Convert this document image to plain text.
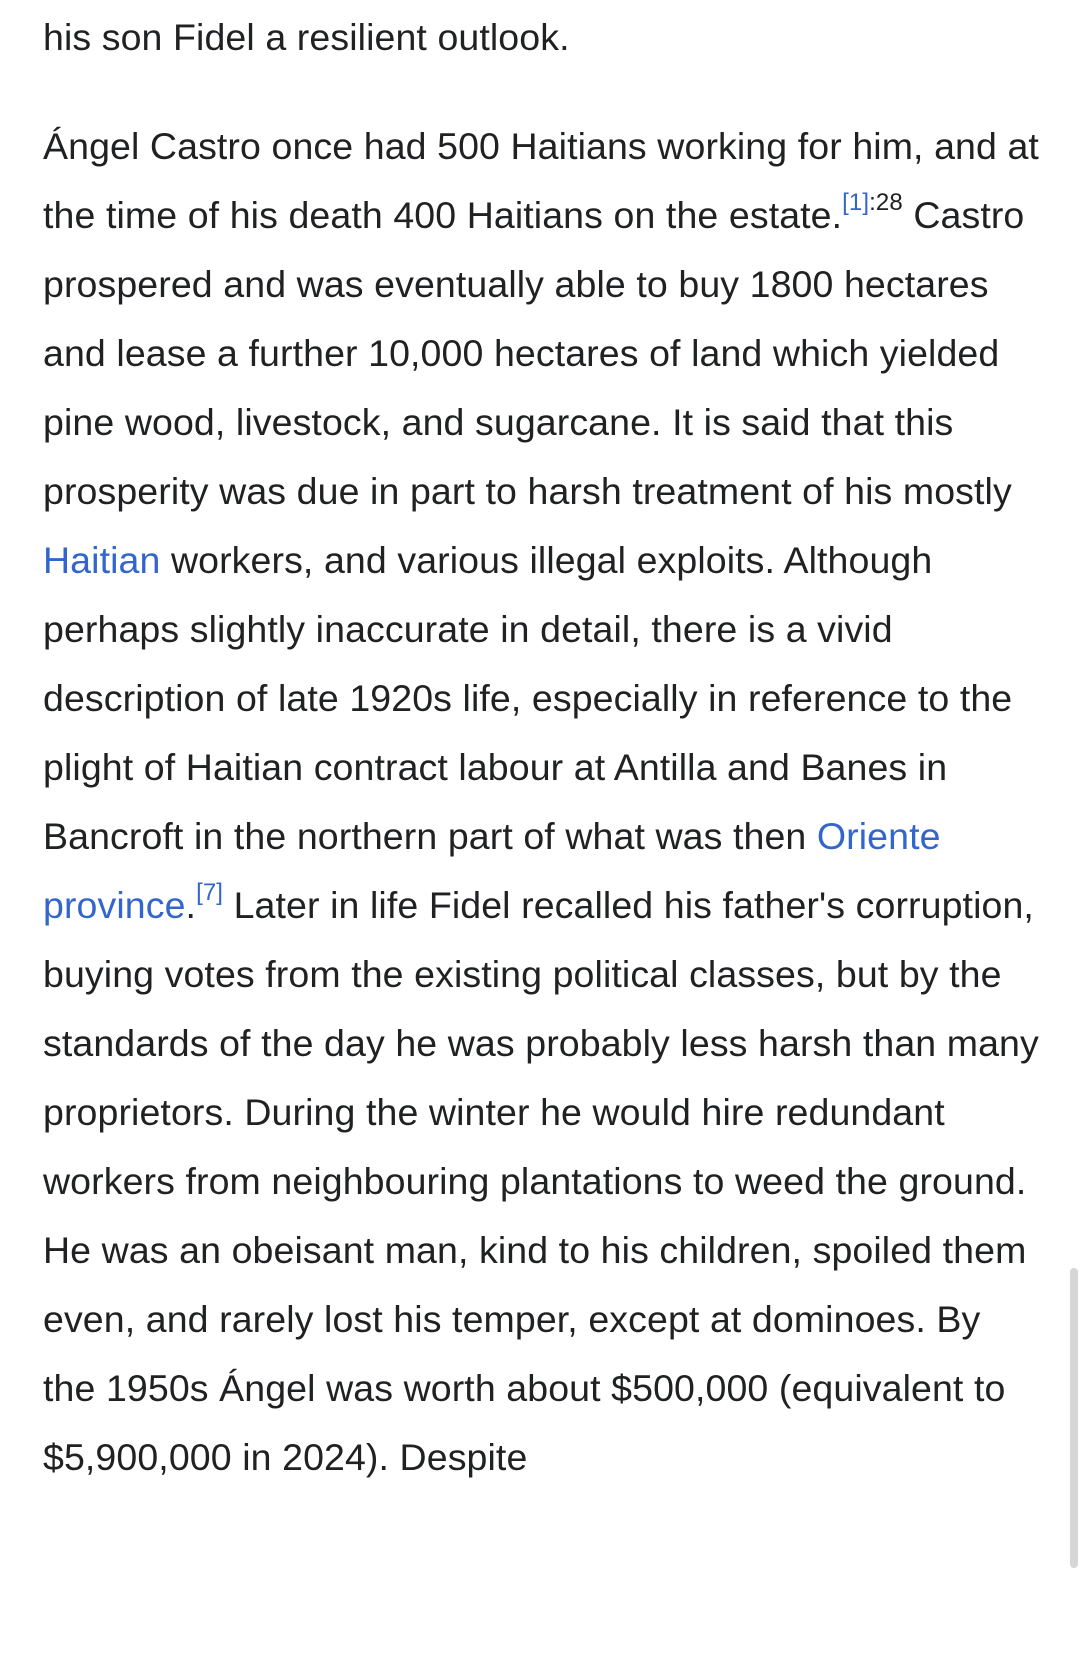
his son Fidel a resilient outlook.

Ángel Castro once had 500 Haitians working for him, and at the time of his death 400 Haitians on the estate.$^{[1]:28}$ Castro prospered and was eventually able to buy 1800 hectares and lease a further 10,000 hectares of land which yielded pine wood, livestock, and sugarcane. It is said that this prosperity was due in part to harsh treatment of his mostly Haitian workers, and various illegal exploits. Although perhaps slightly inaccurate in detail, there is a vivid description of late 1920s life, especially in reference to the plight of Haitian contract labour at Antilla and Banes in Bancroft in the northern part of what was then Oriente province.[7] Later in life Fidel recalled his father's corruption, buying votes from the existing political classes, but by the standards of the day he was probably less harsh than many proprietors. During the winter he would hire redundant workers from neighbouring plantations to weed the ground. He was an obeisant man, kind to his children, spoiled them even, and rarely lost his temper, except at dominoes. By the 1950s Ángel was worth about $500,000 (equivalent to $5,900,000 in 2024). Despite
